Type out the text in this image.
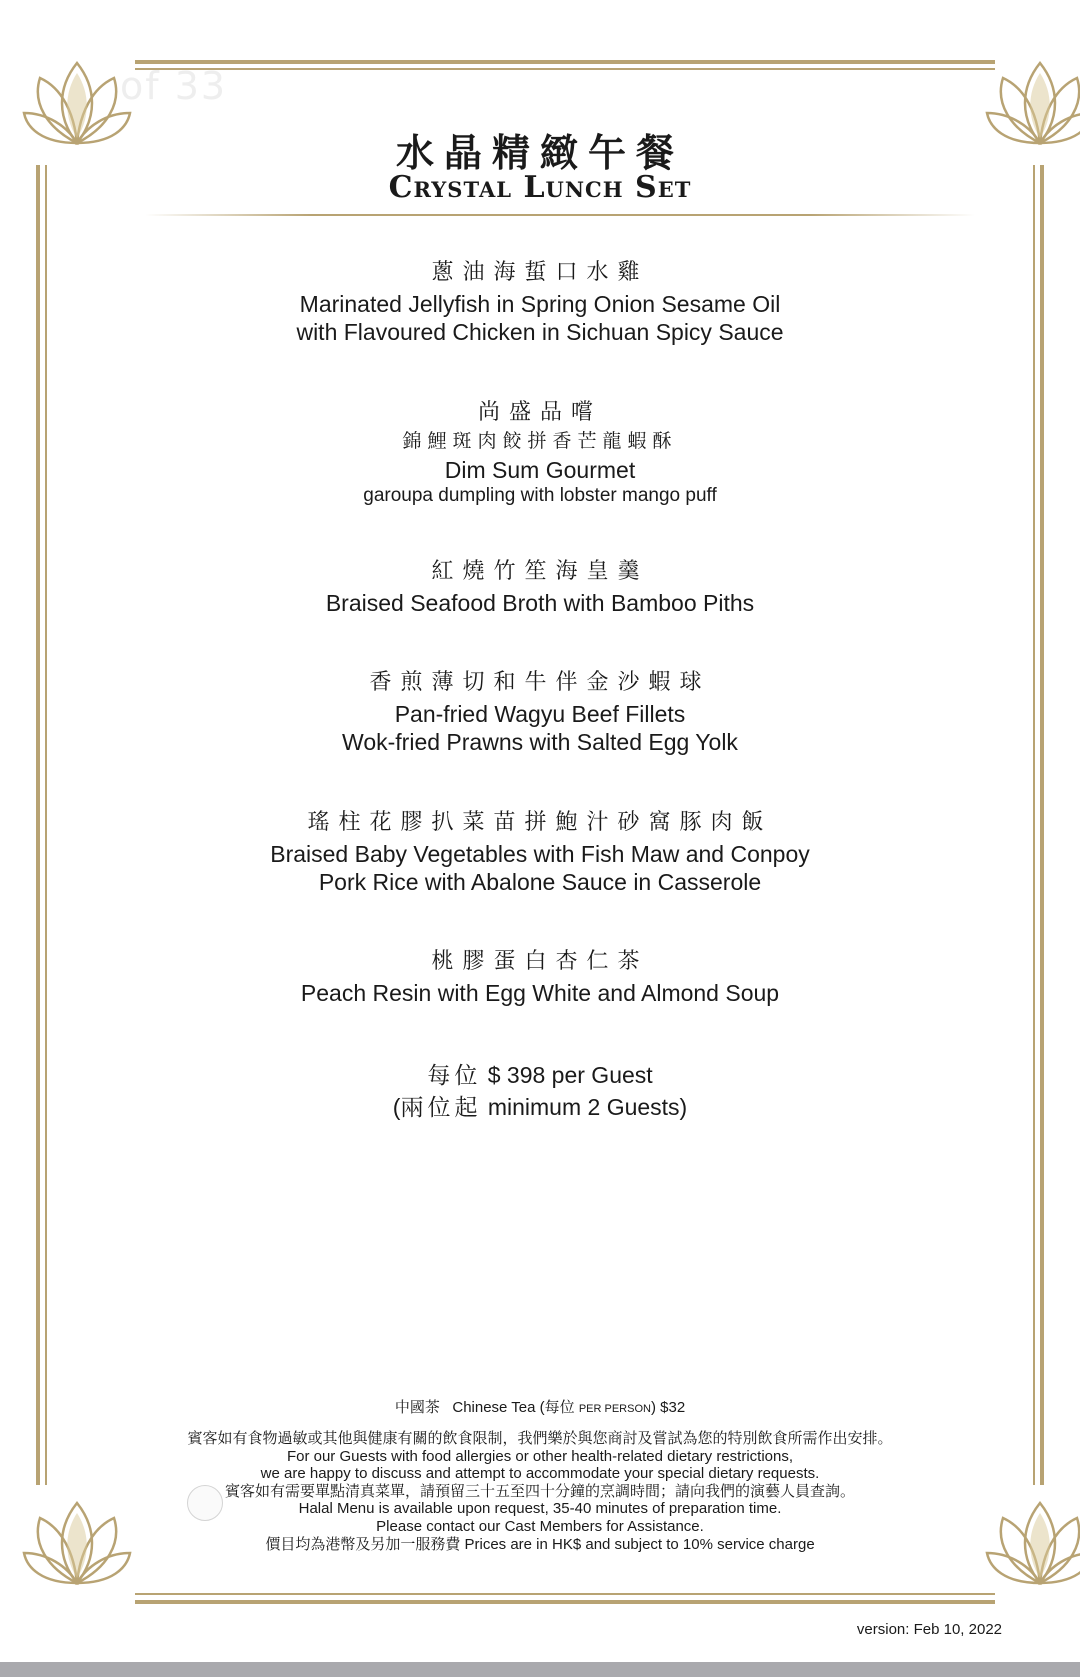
of 33
水晶精緻午餐
Crystal Lunch Set
蔥油海蜇口水雞
Marinated Jellyfish in Spring Onion Sesame Oil
with Flavoured Chicken in Sichuan Spicy Sauce
尚盛品嚐
錦鯉斑肉餃拼香芒龍蝦酥
Dim Sum Gourmet
garoupa dumpling with lobster mango puff
紅燒竹笙海皇羹
Braised Seafood Broth with Bamboo Piths
香煎薄切和牛伴金沙蝦球
Pan-fried Wagyu Beef Fillets
Wok-fried Prawns with Salted Egg Yolk
瑤柱花膠扒菜苗拼鮑汁砂窩豚肉飯
Braised Baby Vegetables with Fish Maw and Conpoy
Pork Rice with Abalone Sauce in Casserole
桃膠蛋白杏仁茶
Peach Resin with Egg White and Almond Soup
每位 $ 398 per Guest
(兩位起 minimum 2 Guests)
中國茶 Chinese Tea (每位 PER PERSON) $32
賓客如有食物過敏或其他與健康有關的飲食限制，我們樂於與您商討及嘗試為您的特別飲食所需作出安排。
For our Guests with food allergies or other health-related dietary restrictions,
we are happy to discuss and attempt to accommodate your special dietary requests.
賓客如有需要單點清真菜單，請預留三十五至四十分鐘的烹調時間；請向我們的演藝人員查詢。
Halal Menu is available upon request, 35-40 minutes of preparation time.
Please contact our Cast Members for Assistance.
價目均為港幣及另加一服務費 Prices are in HK$ and subject to 10% service charge
version: Feb 10, 2022
